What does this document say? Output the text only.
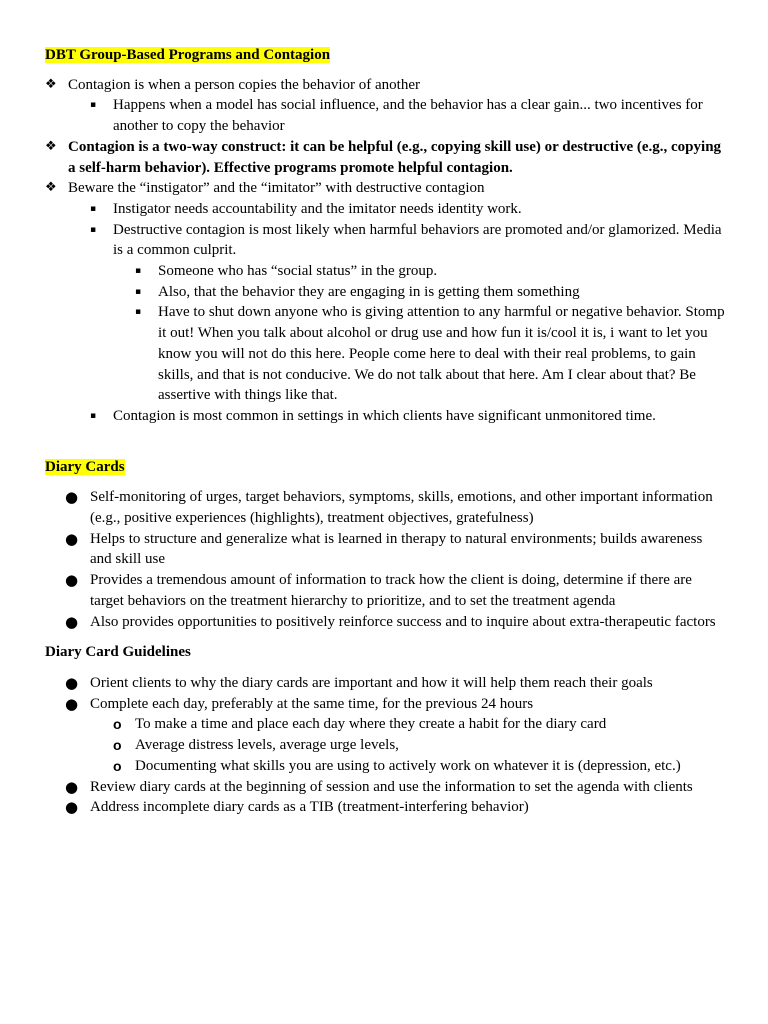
DBT Group-Based Programs and Contagion

❖ Contagion is when a person copies the behavior of another
▪ Happens when a model has social influence, and the behavior has a clear gain... two incentives for another to copy the behavior
❖ Contagion is a two-way construct: it can be helpful (e.g., copying skill use) or destructive (e.g., copying a self-harm behavior). Effective programs promote helpful contagion.
❖ Beware the “instigator” and the “imitator” with destructive contagion
▪ Instigator needs accountability and the imitator needs identity work.
▪ Destructive contagion is most likely when harmful behaviors are promoted and/or glamorized. Media is a common culprit.
▪ Someone who has “social status” in the group.
▪ Also, that the behavior they are engaging in is getting them something
▪ Have to shut down anyone who is giving attention to any harmful or negative behavior. Stomp it out! When you talk about alcohol or drug use and how fun it is/cool it is, i want to let you know you will not do this here. People come here to deal with their real problems, to gain skills, and that is not conducive. We do not talk about that here. Am I clear about that? Be assertive with things like that.
▪ Contagion is most common in settings in which clients have significant unmonitored time.

Diary Cards

● Self-monitoring of urges, target behaviors, symptoms, skills, emotions, and other important information (e.g., positive experiences (highlights), treatment objectives, gratefulness)
● Helps to structure and generalize what is learned in therapy to natural environments; builds awareness and skill use
● Provides a tremendous amount of information to track how the client is doing, determine if there are target behaviors on the treatment hierarchy to prioritize, and to set the treatment agenda
● Also provides opportunities to positively reinforce success and to inquire about extra-therapeutic factors

Diary Card Guidelines

● Orient clients to why the diary cards are important and how it will help them reach their goals
● Complete each day, preferably at the same time, for the previous 24 hours
o To make a time and place each day where they create a habit for the diary card
o Average distress levels, average urge levels,
o Documenting what skills you are using to actively work on whatever it is (depression, etc.)
● Review diary cards at the beginning of session and use the information to set the agenda with clients
● Address incomplete diary cards as a TIB (treatment-interfering behavior)
